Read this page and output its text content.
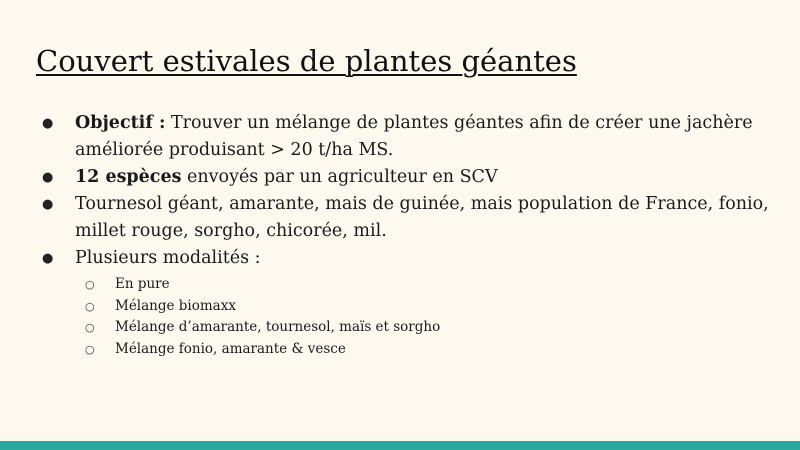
Couvert estivales de plantes géantes
● Objectif : Trouver un mélange de plantes géantes afin de créer une jachère améliorée produisant > 20 t/ha MS.
● 12 espèces envoyés par un agriculteur en SCV
● Tournesol géant, amarante, mais de guinée, mais population de France, fonio, millet rouge, sorgho, chicorée, mil.
● Plusieurs modalités :
○ En pure
○ Mélange biomaxx
○ Mélange d’amarante, tournesol, maïs et sorgho
○ Mélange fonio, amarante & vesce
